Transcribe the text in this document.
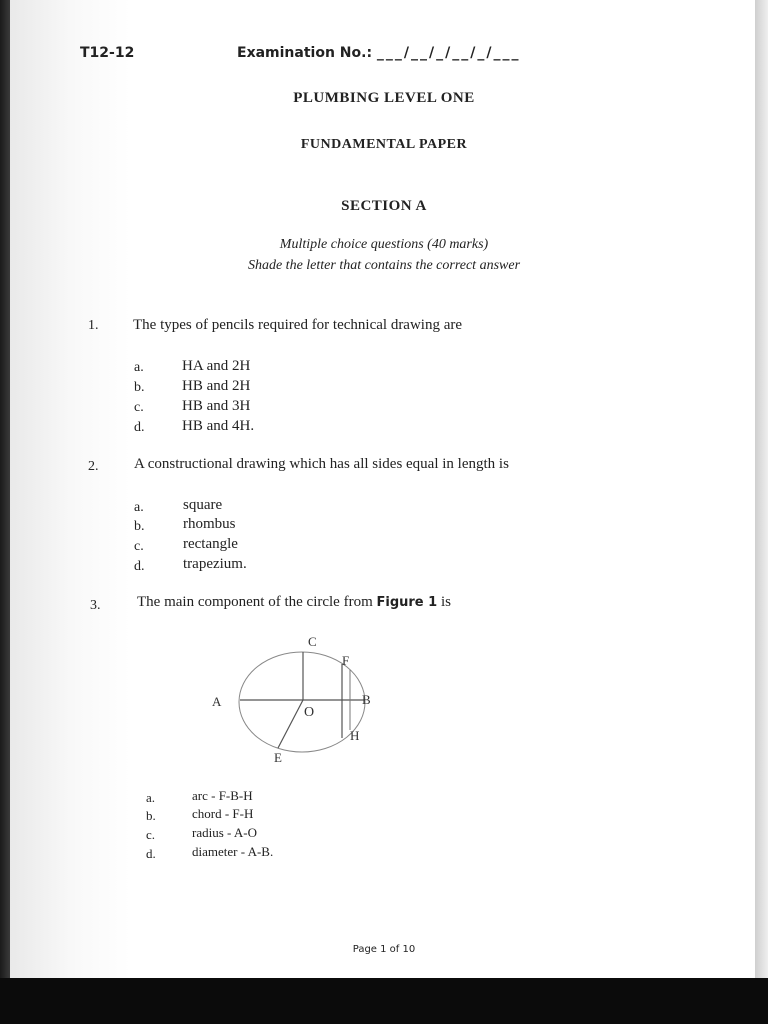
T12-12	Examination No.: ___/__/_/__/_/___
PLUMBING LEVEL ONE
FUNDAMENTAL PAPER
SECTION A
Multiple choice questions (40 marks)
Shade the letter that contains the correct answer
1. The types of pencils required for technical drawing are
a.	HA and 2H
b.	HB and 2H
c.	HB and 3H
d.	HB and 4H.
2. A constructional drawing which has all sides equal in length is
a.	square
b.	rhombus
c.	rectangle
d.	trapezium.
3. The main component of the circle from Figure 1 is
C
F
A	B
O
H
E
a.	arc - F-B-H
b.	chord - F-H
c.	radius - A-O
d.	diameter - A-B.
Page 1 of 10
